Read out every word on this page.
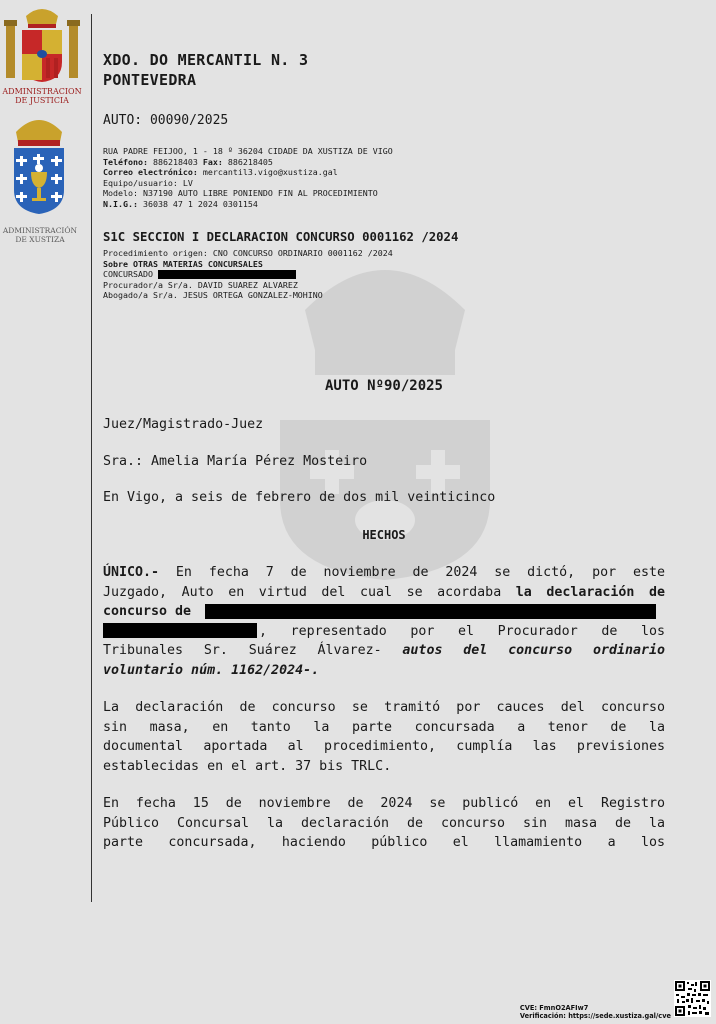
ADMINISTRACION
DE JUSTICIA
ADMINISTRACIÓN
DE XUSTIZA
XDO. DO MERCANTIL N. 3
PONTEVEDRA
AUTO: 00090/2025
RUA PADRE FEIJOO, 1 - 18 º 36204 CIDADE DA XUSTIZA DE VIGO
Teléfono: 886218403 Fax: 886218405
Correo electrónico: mercantil3.vigo@xustiza.gal
Equipo/usuario: LV
Modelo: N37190 AUTO LIBRE PONIENDO FIN AL PROCEDIMIENTO
N.I.G.: 36038 47 1 2024 0301154
S1C SECCION I DECLARACION CONCURSO 0001162 /2024
Procedimiento origen: CNO CONCURSO ORDINARIO 0001162 /2024
Sobre OTRAS MATERIAS CONCURSALES
CONCURSADO
Procurador/a Sr/a. DAVID SUAREZ ALVAREZ
Abogado/a Sr/a. JESUS ORTEGA GONZALEZ-MOHINO
AUTO Nº90/2025
Juez/Magistrado-Juez
Sra.: Amelia María Pérez Mosteiro
En Vigo, a seis de febrero de dos mil veinticinco
HECHOS
ÚNICO.- En fecha 7 de noviembre de 2024 se dictó, por este
Juzgado, Auto en virtud del cual se acordaba la declaración de
concurso de
, representado por el Procurador de los
Tribunales Sr. Suárez Álvarez- autos del concurso ordinario
voluntario núm. 1162/2024-.
La declaración de concurso se tramitó por cauces del concurso
sin masa, en tanto la parte concursada a tenor de la
documental aportada al procedimiento, cumplía las previsiones
establecidas en el art. 37 bis TRLC.
En fecha 15 de noviembre de 2024 se publicó en el Registro
Público Concursal la declaración de concurso sin masa de la
parte concursada, haciendo público el llamamiento a los
CVE: FmnO2AFIw7
Verificación: https://sede.xustiza.gal/cve
